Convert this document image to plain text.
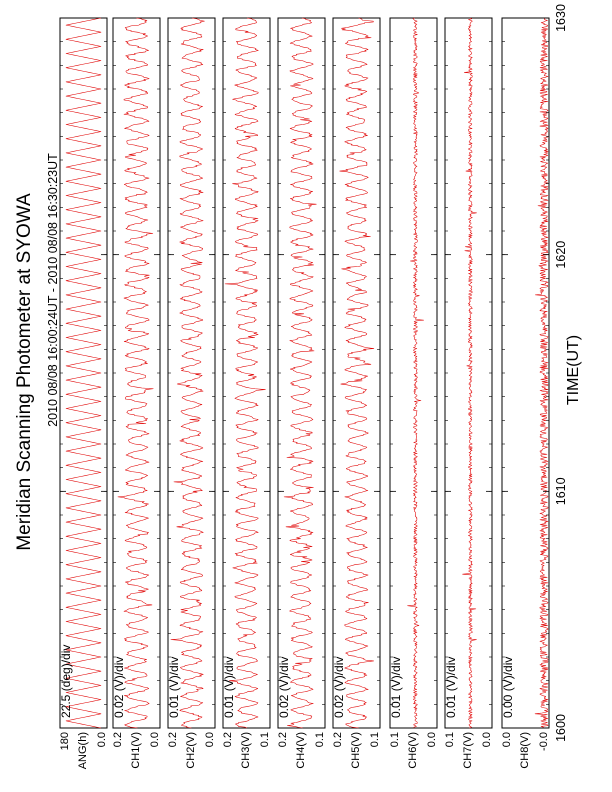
180 0.0
ANG(h)
22.5 (deg)/div
0.2 0.0
CH1(V)
0.02 (V)/div
0.2 0.0
CH2(V)
0.01 (V)/div
0.2 0.1
CH3(V)
0.01 (V)/div
0.2 0.1
CH4(V)
0.02 (V)/div
0.2 0.1
CH5(V)
0.02 (V)/div
0.1 0.0
CH6(V)
0.01 (V)/div
0.1 0.0
CH7(V)
0.01 (V)/div
0.0 -0.0
CH8(V)
0.00 (V)/div
1600
1610
1620
1630
Meridian Scanning Photometer at SYOWA 2010 08/08 16:00:24UT - 2010 08/08 16:30:23UT	TIME(UT)
